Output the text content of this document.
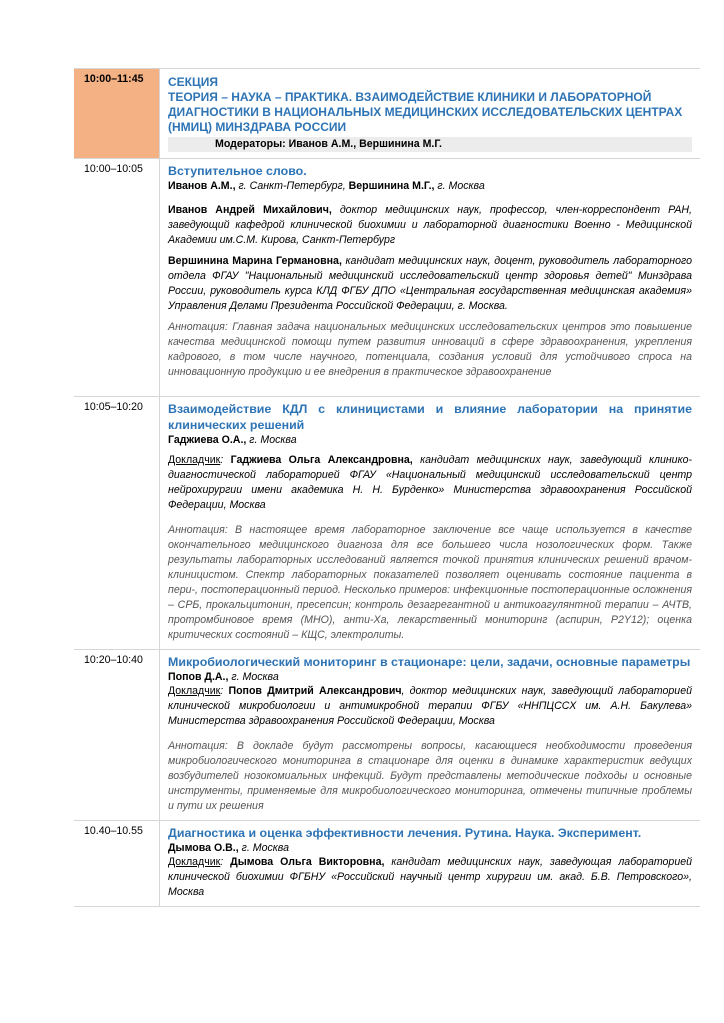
10:00–11:45	СЕКЦИЯ
ТЕОРИЯ – НАУКА – ПРАКТИКА. ВЗАИМОДЕЙСТВИЕ КЛИНИКИ И ЛАБОРАТОРНОЙ
ДИАГНОСТИКИ В НАЦИОНАЛЬНЫХ МЕДИЦИНСКИХ ИССЛЕДОВАТЕЛЬСКИХ ЦЕНТРАХ
(НМИЦ) МИНЗДРАВА РОССИИ
Модераторы: Иванов А.М., Вершинина М.Г.
10:00–10:05	Вступительное слово.
Иванов А.М., г. Санкт-Петербург, Вершинина М.Г., г. Москва
Иванов Андрей Михайлович, доктор медицинских наук, профессор, член-корреспондент РАН, заведующий кафедрой клинической биохимии и лабораторной диагностики Военно - Медицинской Академии им.С.М. Кирова, Санкт-Петербург
Вершинина Марина Германовна, кандидат медицинских наук, доцент, руководитель лабораторного отдела ФГАУ "Национальный медицинский исследовательский центр здоровья детей" Минздрава России, руководитель курса КЛД ФГБУ ДПО «Центральная государственная медицинская академия» Управления Делами Президента Российской Федерации, г. Москва.
Аннотация: Главная задача национальных медицинских исследовательских центров это повышение качества медицинской помощи путем развития инноваций в сфере здравоохранения, укрепления кадрового, в том числе научного, потенциала, создания условий для устойчивого спроса на инновационную продукцию и ее внедрения в практическое здравоохранение
10:05–10:20	Взаимодействие КДЛ с клиницистами и влияние лаборатории на принятие клинических решений
Гаджиева О.А., г. Москва
Докладчик: Гаджиева Ольга Александровна, кандидат медицинских наук, заведующий клинико-диагностической лабораторией ФГАУ «Национальный медицинский исследовательский центр нейрохирургии имени академика Н. Н. Бурденко» Министерства здравоохранения Российской Федерации, Москва
Аннотация: В настоящее время лабораторное заключение все чаще используется в качестве окончательного медицинского диагноза для все большего числа нозологических форм. Также результаты лабораторных исследований является точкой принятия клинических решений врачом-клиницистом. Спектр лабораторных показателей позволяет оценивать состояние пациента в пери-, постоперационный период. Несколько примеров: инфекционные постоперационные осложнения – СРБ, прокальцитонин, пресепсин; контроль дезагрегантной и антикоагулянтной терапии – АЧТВ, протромбиновое время (МНО), анти-Ха, лекарственный мониторинг (аспирин, P2Y12); оценка критических состояний – КЩС, электролиты.
10:20–10:40	Микробиологический мониторинг в стационаре: цели, задачи, основные параметры
Попов Д.А., г. Москва
Докладчик: Попов Дмитрий Александрович, доктор медицинских наук, заведующий лабораторией клинической микробиологии и антимикробной терапии ФГБУ «ННПЦССХ им. А.Н. Бакулева» Министерства здравоохранения Российской Федерации, Москва
Аннотация: В докладе будут рассмотрены вопросы, касающиеся необходимости проведения микробиологического мониторинга в стационаре для оценки в динамике характеристик ведущих возбудителей нозокомиальных инфекций. Будут представлены методические подходы и основные инструменты, применяемые для микробиологического мониторинга, отмечены типичные проблемы и пути их решения
10.40–10.55	Диагностика и оценка эффективности лечения. Рутина. Наука. Эксперимент.
Дымова О.В., г. Москва
Докладчик: Дымова Ольга Викторовна, кандидат медицинских наук, заведующая лабораторией клинической биохимии ФГБНУ «Российский научный центр хирургии им. акад. Б.В. Петровского», Москва
